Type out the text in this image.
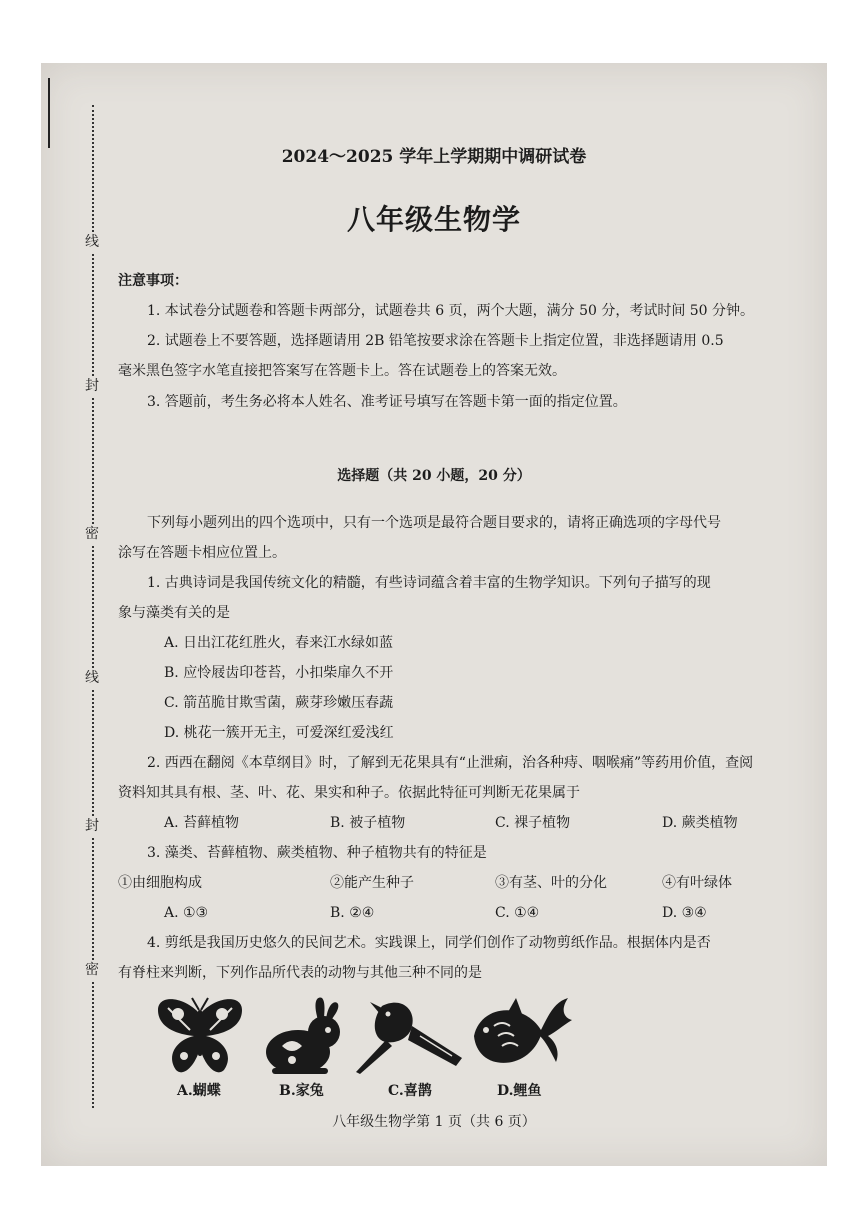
线
封
密
线
封
密
2024～2025 学年上学期期中调研试卷
八年级生物学
注意事项：
1. 本试卷分试题卷和答题卡两部分，试题卷共 6 页，两个大题，满分 50 分，考试时间 50 分钟。
2. 试题卷上不要答题，选择题请用 2B 铅笔按要求涂在答题卡上指定位置，非选择题请用 0.5
毫米黑色签字水笔直接把答案写在答题卡上。答在试题卷上的答案无效。
3. 答题前，考生务必将本人姓名、准考证号填写在答题卡第一面的指定位置。
选择题（共 20 小题，20 分）
下列每小题列出的四个选项中，只有一个选项是最符合题目要求的，请将正确选项的字母代号
涂写在答题卡相应位置上。
1. 古典诗词是我国传统文化的精髓，有些诗词蕴含着丰富的生物学知识。下列句子描写的现
象与藻类有关的是
A. 日出江花红胜火，春来江水绿如蓝
B. 应怜屐齿印苍苔，小扣柴扉久不开
C. 箭茁脆甘欺雪菌，蕨芽珍嫩压春蔬
D. 桃花一簇开无主，可爱深红爱浅红
2. 西西在翻阅《本草纲目》时，了解到无花果具有“止泄痢，治各种痔、咽喉痛”等药用价值，查阅
资料知其具有根、茎、叶、花、果实和种子。依据此特征可判断无花果属于
A. 苔藓植物	B. 被子植物	C. 裸子植物	D. 蕨类植物
3. 藻类、苔藓植物、蕨类植物、种子植物共有的特征是
①由细胞构成	②能产生种子	③有茎、叶的分化	④有叶绿体
A. ①③	B. ②④	C. ①④	D. ③④
4. 剪纸是我国历史悠久的民间艺术。实践课上，同学们创作了动物剪纸作品。根据体内是否
有脊柱来判断，下列作品所代表的动物与其他三种不同的是
A.蝴蝶	B.家兔	C.喜鹊	D.鲤鱼
八年级生物学第 1 页（共 6 页）
